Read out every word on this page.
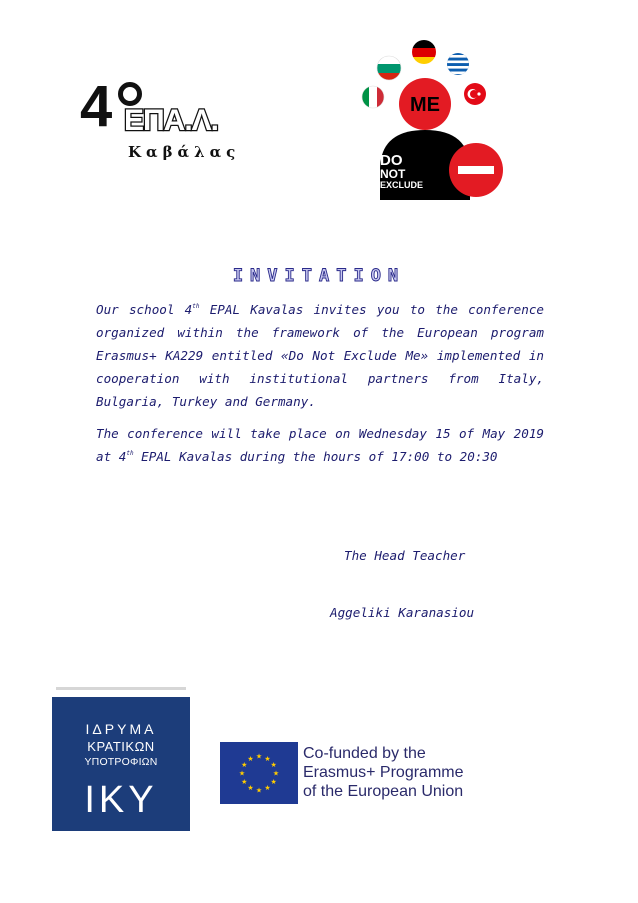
4 ΕΠΑ.Λ.
Καβάλας
ME
DO
NOT
EXCLUDE
INVITATION
Our school 4th EPAL Kavalas invites you to the conference organized within the framework of the European program Erasmus+ KA229 entitled «Do Not Exclude Me» implemented in cooperation with institutional partners from Italy, Bulgaria, Turkey and Germany.
The conference will take place on Wednesday 15 of May 2019 at 4th EPAL Kavalas during the hours of 17:00 to 20:30
The Head Teacher
Aggeliki Karanasiou
ΙΔΡΥΜΑ
ΚΡΑΤΙΚΩΝ
ΥΠΟΤΡΟΦΙΩΝ
ΙΚΥ
★ ★
★
★
★
★
★
★
★
★
★
★	Co-funded by the
Erasmus+ Programme
of the European Union
